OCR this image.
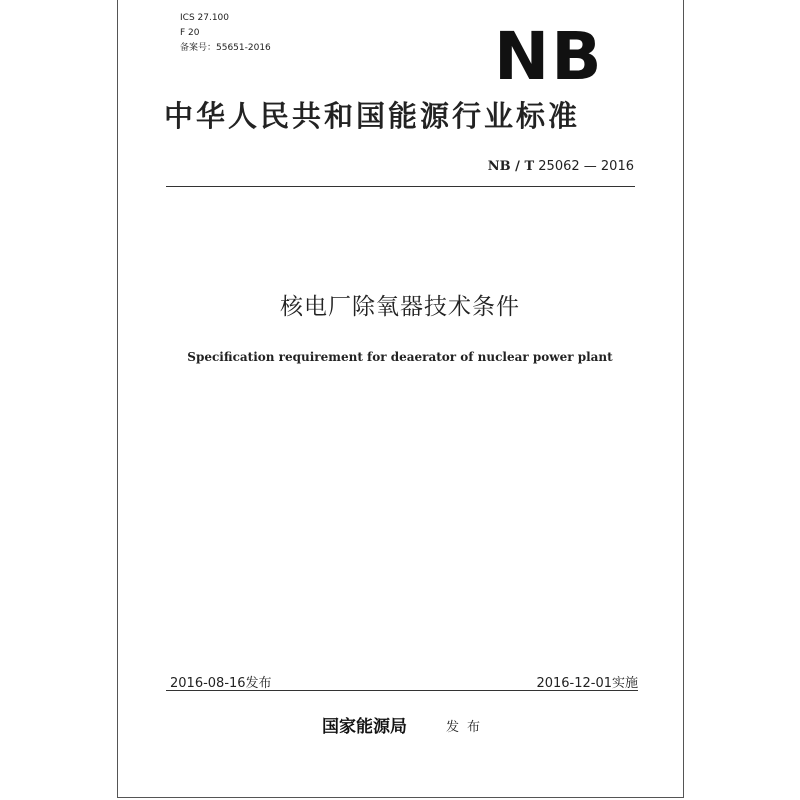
ICS 27.100
F 20
备案号：55651-2016	NB
中华人民共和国能源行业标准
NB / T 25062 — 2016
核电厂除氧器技术条件
Specification requirement for deaerator of nuclear power plant
2016-08-16发布	2016-12-01实施
国家能源局	发布
